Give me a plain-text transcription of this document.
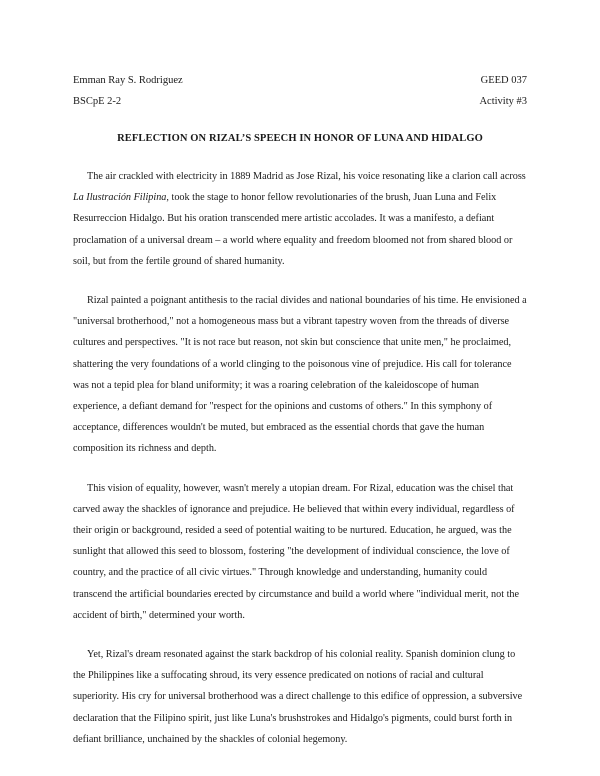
Emman Ray S. Rodriguez	GEED 037
BSCpE 2-2	Activity #3
REFLECTION ON RIZAL’S SPEECH IN HONOR OF LUNA AND HIDALGO

The air crackled with electricity in 1889 Madrid as Jose Rizal, his voice resonating like a clarion call across La Ilustración Filipina, took the stage to honor fellow revolutionaries of the brush, Juan Luna and Felix Resurreccion Hidalgo. But his oration transcended mere artistic accolades. It was a manifesto, a defiant proclamation of a universal dream – a world where equality and freedom bloomed not from shared blood or soil, but from the fertile ground of shared humanity.

Rizal painted a poignant antithesis to the racial divides and national boundaries of his time. He envisioned a "universal brotherhood," not a homogeneous mass but a vibrant tapestry woven from the threads of diverse cultures and perspectives. "It is not race but reason, not skin but conscience that unite men," he proclaimed, shattering the very foundations of a world clinging to the poisonous vine of prejudice. His call for tolerance was not a tepid plea for bland uniformity; it was a roaring celebration of the kaleidoscope of human experience, a defiant demand for "respect for the opinions and customs of others." In this symphony of acceptance, differences wouldn't be muted, but embraced as the essential chords that gave the human composition its richness and depth.

This vision of equality, however, wasn't merely a utopian dream. For Rizal, education was the chisel that carved away the shackles of ignorance and prejudice. He believed that within every individual, regardless of their origin or background, resided a seed of potential waiting to be nurtured. Education, he argued, was the sunlight that allowed this seed to blossom, fostering "the development of individual conscience, the love of country, and the practice of all civic virtues." Through knowledge and understanding, humanity could transcend the artificial boundaries erected by circumstance and build a world where "individual merit, not the accident of birth," determined your worth.

Yet, Rizal's dream resonated against the stark backdrop of his colonial reality. Spanish dominion clung to the Philippines like a suffocating shroud, its very essence predicated on notions of racial and cultural superiority. His cry for universal brotherhood was a direct challenge to this edifice of oppression, a subversive declaration that the Filipino spirit, just like Luna's brushstrokes and Hidalgo's pigments, could burst forth in defiant brilliance, unchained by the shackles of colonial hegemony.
